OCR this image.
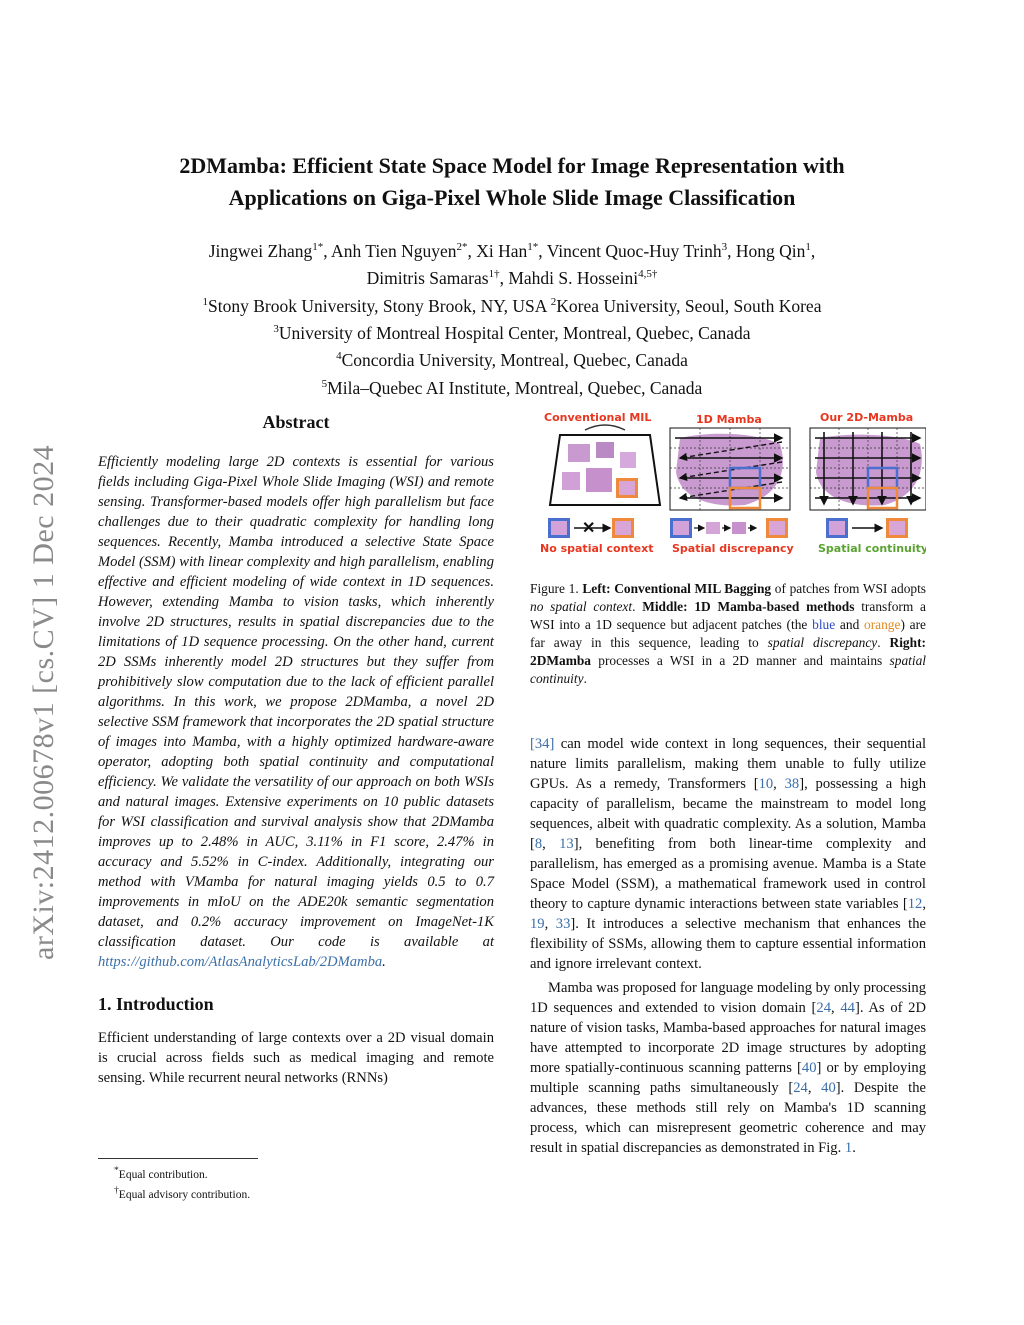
arXiv:2412.00678v1 [cs.CV] 1 Dec 2024

2DMamba: Efficient State Space Model for Image Representation with

Applications on Giga-Pixel Whole Slide Image Classification

Jingwei Zhang$^{1*}$, Anh Tien Nguyen$^{2*}$, Xi Han$^{1*}$, Vincent Quoc-Huy Trinh$^3$, Hong Qin$^1$,
Dimitris Samaras$^{1\dagger}$, Mahdi S. Hosseini$^{4,5\dagger}$
$^1$Stony Brook University, Stony Brook, NY, USA $^2$Korea University, Seoul, South Korea
$^3$University of Montreal Hospital Center, Montreal, Quebec, Canada
$^4$Concordia University, Montreal, Quebec, Canada
$^5$Mila–Quebec AI Institute, Montreal, Quebec, Canada

Abstract

Efficiently modeling large 2D contexts is essential for various fields including Giga-Pixel Whole Slide Imaging (WSI) and remote sensing. Transformer-based models offer high parallelism but face challenges due to their quadratic complexity for handling long sequences. Recently, Mamba introduced a selective State Space Model (SSM) with linear complexity and high parallelism, enabling effective and efficient modeling of wide context in 1D sequences. However, extending Mamba to vision tasks, which inherently involve 2D structures, results in spatial discrepancies due to the limitations of 1D sequence processing. On the other hand, current 2D SSMs inherently model 2D structures but they suffer from prohibitively slow computation due to the lack of efficient parallel algorithms. In this work, we propose 2DMamba, a novel 2D selective SSM framework that incorporates the 2D spatial structure of images into Mamba, with a highly optimized hardware-aware operator, adopting both spatial continuity and computational efficiency. We validate the versatility of our approach on both WSIs and natural images. Extensive experiments on 10 public datasets for WSI classification and survival analysis show that 2DMamba improves up to 2.48% in AUC, 3.11% in F1 score, 2.47% in accuracy and 5.52% in C-index. Additionally, integrating our method with VMamba for natural imaging yields 0.5 to 0.7 improvements in mIoU on the ADE20k semantic segmentation dataset, and 0.2% accuracy improvement on ImageNet-1K classification dataset. Our code is available at https://github.com/AtlasAnalyticsLab/2DMamba.

1. Introduction

Efficient understanding of large contexts over a 2D visual domain is crucial across fields such as medical imaging and remote sensing. While recurrent neural networks (RNNs)

*Equal contribution.
†Equal advisory contribution.
Conventional MIL
✕
No spatial context
1D Mamba
Spatial discrepancy
Our 2D-Mamba
Spatial continuity

Figure 1. Left: Conventional MIL Bagging of patches from WSI adopts no spatial context. Middle: 1D Mamba-based methods transform a WSI into a 1D sequence but adjacent patches (the blue and orange) are far away in this sequence, leading to spatial discrepancy. Right: 2DMamba processes a WSI in a 2D manner and maintains spatial continuity.

[34] can model wide context in long sequences, their sequential nature limits parallelism, making them unable to fully utilize GPUs. As a remedy, Transformers [10, 38], possessing a high capacity of parallelism, became the mainstream to model long sequences, albeit with quadratic complexity. As a solution, Mamba [8, 13], benefiting from both linear-time complexity and parallelism, has emerged as a promising avenue. Mamba is a State Space Model (SSM), a mathematical framework used in control theory to capture dynamic interactions between state variables [12, 19, 33]. It introduces a selective mechanism that enhances the flexibility of SSMs, allowing them to capture essential information and ignore irrelevant context.

Mamba was proposed for language modeling by only processing 1D sequences and extended to vision domain [24, 44]. As of 2D nature of vision tasks, Mamba-based approaches for natural images have attempted to incorporate 2D image structures by adopting more spatially-continuous scanning patterns [40] or by employing multiple scanning paths simultaneously [24, 40]. Despite the advances, these methods still rely on Mamba's 1D scanning process, which can misrepresent geometric coherence and may result in spatial discrepancies as demonstrated in Fig. 1.
